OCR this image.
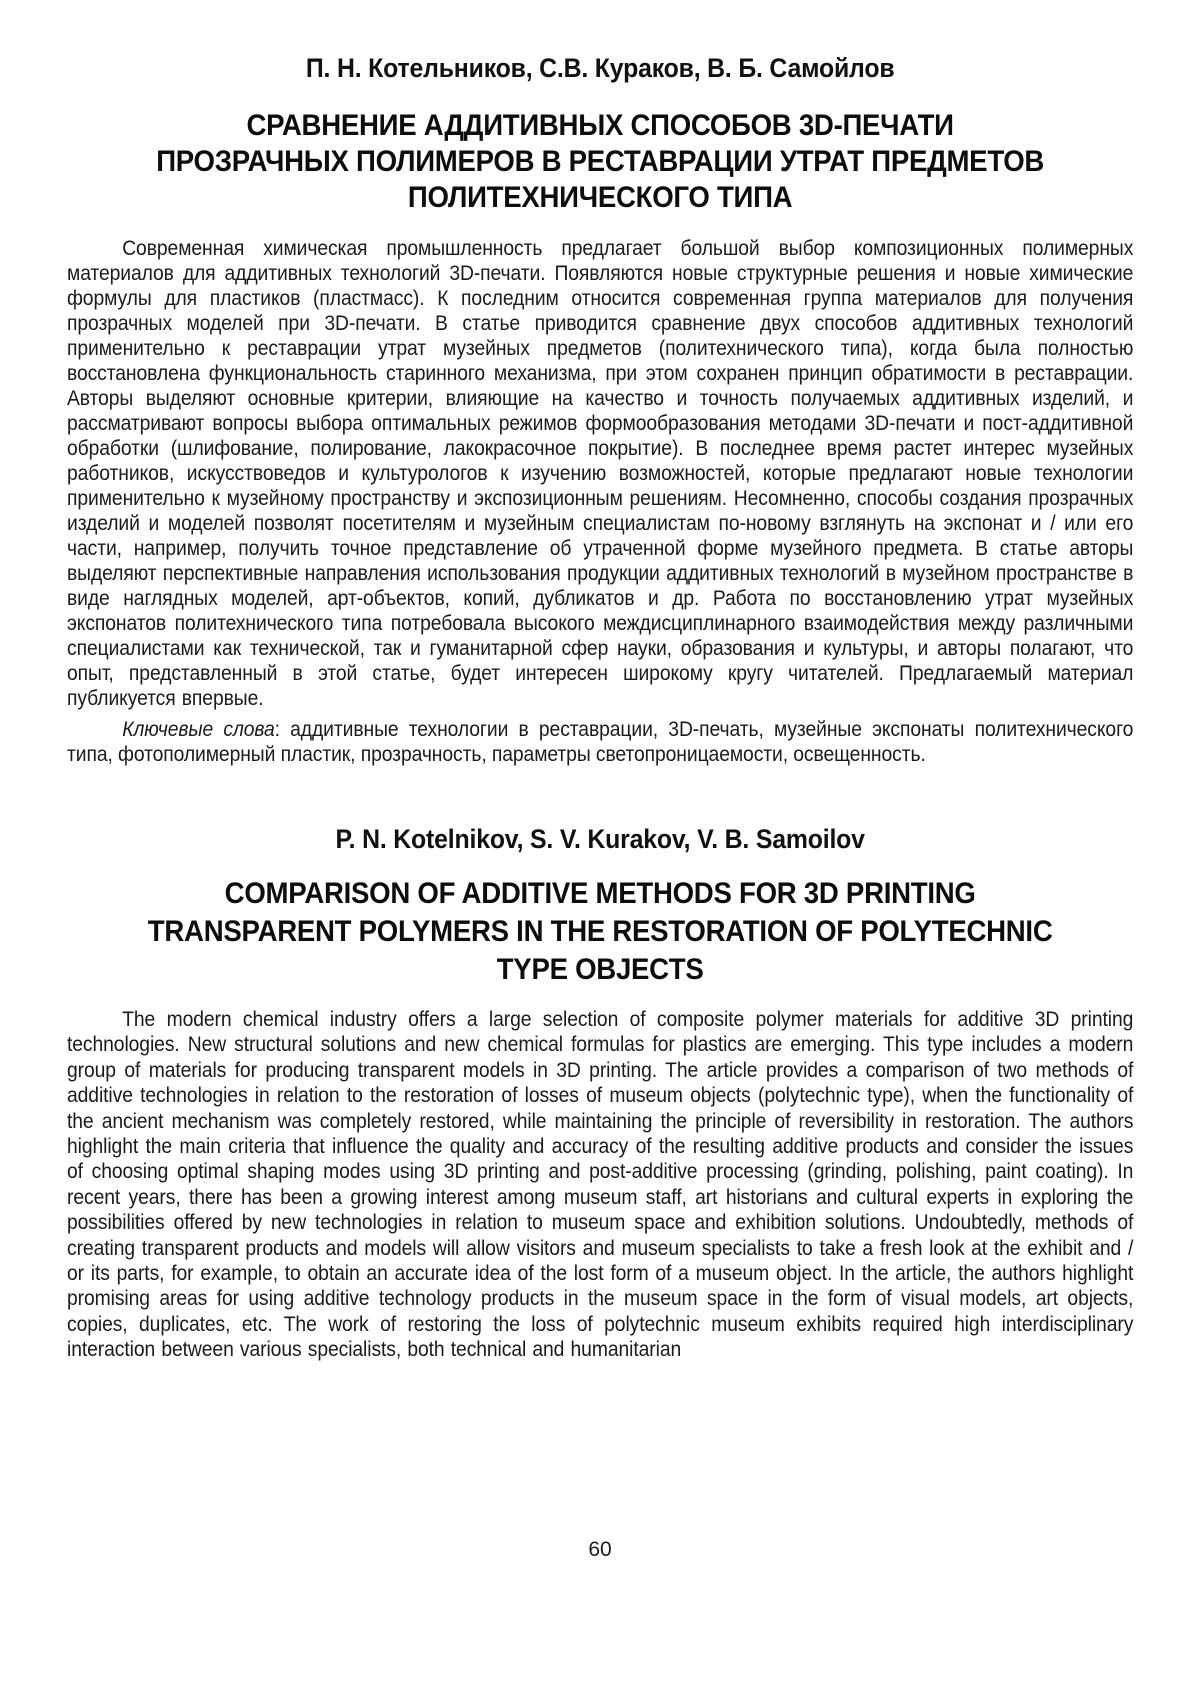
П. Н. Котельников, С.В. Кураков, В. Б. Самойлов
СРАВНЕНИЕ АДДИТИВНЫХ СПОСОБОВ 3D-ПЕЧАТИ
ПРОЗРАЧНЫХ ПОЛИМЕРОВ В РЕСТАВРАЦИИ УТРАТ ПРЕДМЕТОВ
ПОЛИТЕХНИЧЕСКОГО ТИПА

Современная химическая промышленность предлагает большой выбор композиционных полимерных материалов для аддитивных технологий 3D-печати. Появляются новые структурные решения и новые химические формулы для пластиков (пластмасс). К последним относится современная группа материалов для получения прозрачных моделей при 3D-печати. В статье приводится сравнение двух способов аддитивных технологий применительно к реставрации утрат музейных предметов (политехнического типа), когда была полностью восстановлена функциональность старинного механизма, при этом сохранен принцип обратимости в реставрации. Авторы выделяют основные критерии, влияющие на качество и точность получаемых аддитивных изделий, и рассматривают вопросы выбора оптимальных режимов формообразования методами 3D-печати и пост-аддитивной обработки (шлифование, полирование, лакокрасочное покрытие). В последнее время растет интерес музейных работников, искусствоведов и культурологов к изучению возможностей, которые предлагают новые технологии применительно к музейному пространству и экспозиционным решениям. Несомненно, способы создания прозрачных изделий и моделей позволят посетителям и музейным специалистам по-новому взглянуть на экспонат и / или его части, например, получить точное представление об утраченной форме музейного предмета. В статье авторы выделяют перспективные направления использования продукции аддитивных технологий в музейном пространстве в виде наглядных моделей, арт-объектов, копий, дубликатов и др. Работа по восстановлению утрат музейных экспонатов политехнического типа потребовала высокого междисциплинарного взаимодействия между различными специалистами как технической, так и гуманитарной сфер науки, образования и культуры, и авторы полагают, что опыт, представленный в этой статье, будет интересен широкому кругу читателей. Предлагаемый материал публикуется впервые.

Ключевые слова: аддитивные технологии в реставрации, 3D-печать, музейные экспонаты политехнического типа, фотополимерный пластик, прозрачность, параметры светопроницаемости, освещенность.

P. N. Kotelnikov, S. V. Kurakov, V. B. Samoilov
COMPARISON OF ADDITIVE METHODS FOR 3D PRINTING
TRANSPARENT POLYMERS IN THE RESTORATION OF POLYTECHNIC
TYPE OBJECTS

The modern chemical industry offers a large selection of composite polymer materials for additive 3D printing technologies. New structural solutions and new chemical formulas for plastics are emerging. This type includes a modern group of materials for producing transparent models in 3D printing. The article provides a comparison of two methods of additive technologies in relation to the restoration of losses of museum objects (polytechnic type), when the functionality of the ancient mechanism was completely restored, while maintaining the principle of reversibility in restoration. The authors highlight the main criteria that influence the quality and accuracy of the resulting additive products and consider the issues of choosing optimal shaping modes using 3D printing and post-additive processing (grinding, polishing, paint coating). In recent years, there has been a growing interest among museum staff, art historians and cultural experts in exploring the possibilities offered by new technologies in relation to museum space and exhibition solutions. Undoubtedly, methods of creating transparent products and models will allow visitors and museum specialists to take a fresh look at the exhibit and / or its parts, for example, to obtain an accurate idea of the lost form of a museum object. In the article, the authors highlight promising areas for using additive technology products in the museum space in the form of visual models, art objects, copies, duplicates, etc. The work of restoring the loss of polytechnic museum exhibits required high interdisciplinary interaction between various specialists, both technical and humanitarian

60
